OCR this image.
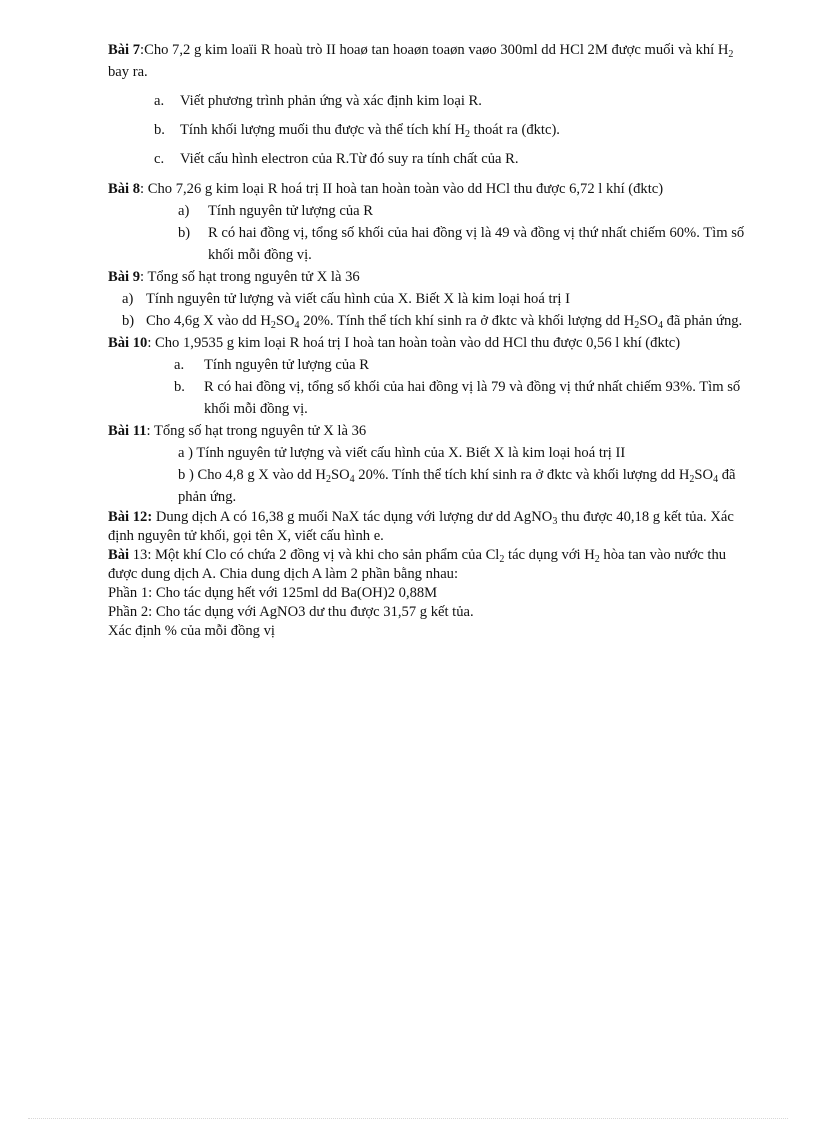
Bài 7:Cho 7,2 g kim loaïi R hoaù trò II hoaø tan hoaøn toaøn vaøo 300ml dd HCl 2M được muối và khí $H_2$ bay ra.

a.	Viết phương trình phản ứng và xác định kim loại R.
b.	Tính khối lượng muối thu được và thể tích khí $H_2$ thoát ra (đktc).
c.	Viết cấu hình electron của R.Từ đó suy ra tính chất của R.

Bài 8: Cho 7,26 g kim loại R hoá trị II hoà tan hoàn toàn vào dd HCl thu được 6,72 l khí (đktc)

a)	Tính nguyên tử lượng của R
b)	R có hai đồng vị, tổng số khối của hai đồng vị là 49 và đồng vị thứ nhất chiếm 60%. Tìm số khối mỗi đồng vị.

Bài 9: Tổng số hạt trong nguyên tử X là 36

a) Tính nguyên tử lượng và viết cấu hình của X. Biết X là kim loại hoá trị I
b) Cho 4,6g X vào dd $H_2SO_4$ 20%. Tính thể tích khí sinh ra ở đktc và khối lượng dd $H_2SO_4$ đã phản ứng.

Bài 10: Cho 1,9535 g kim loại R hoá trị I hoà tan hoàn toàn vào dd HCl thu được 0,56 l khí (đktc)

a.	Tính nguyên tử lượng của R
b.	R có hai đồng vị, tổng số khối của hai đồng vị là 79 và đồng vị thứ nhất chiếm 93%. Tìm số khối mỗi đồng vị.

Bài 11: Tổng số hạt trong nguyên tử X là 36

a ) Tính nguyên tử lượng và viết cấu hình của X. Biết X là kim loại hoá trị II

b ) Cho 4,8 g X vào dd $H_2SO_4$ 20%. Tính thể tích khí sinh ra ở đktc và khối lượng dd $H_2SO_4$ đã phản ứng.

Bài 12: Dung dịch A có 16,38 g muối NaX tác dụng với lượng dư dd AgNO$_3$ thu được 40,18 g kết tủa. Xác định nguyên tử khối, gọi tên X, viết cấu hình e.

Bài 13: Một khí Clo có chứa 2 đồng vị và khi cho sản phẩm của $Cl_2$ tác dụng với $H_2$ hòa tan vào nước thu được dung dịch A. Chia dung dịch A làm 2 phần bằng nhau:

Phần 1: Cho tác dụng hết với 125ml dd Ba(OH)2 0,88M

Phần 2: Cho tác dụng với AgNO3 dư thu được 31,57 g kết tủa.

Xác định % của mỗi đồng vị
